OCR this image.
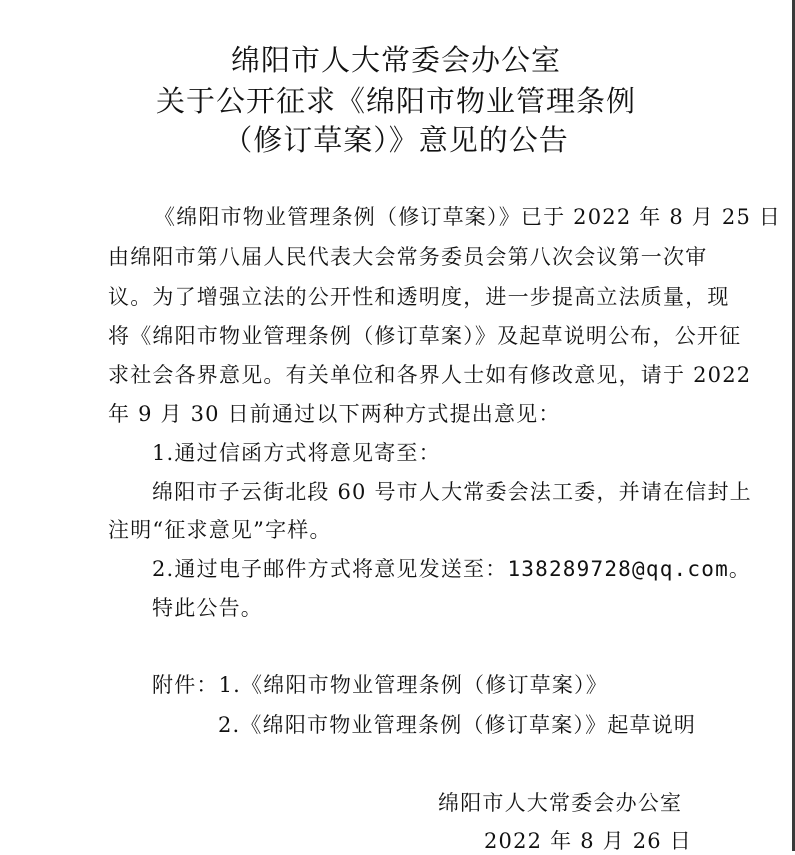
绵阳市人大常委会办公室
关于公开征求《绵阳市物业管理条例
（修订草案）》意见的公告
《绵阳市物业管理条例（修订草案）》已于 2022 年 8 月 25 日
由绵阳市第八届人民代表大会常务委员会第八次会议第一次审
议。为了增强立法的公开性和透明度，进一步提高立法质量，现
将《绵阳市物业管理条例（修订草案）》及起草说明公布，公开征
求社会各界意见。有关单位和各界人士如有修改意见，请于 2022
年 9 月 30 日前通过以下两种方式提出意见：
1.通过信函方式将意见寄至：
绵阳市子云街北段 60 号市人大常委会法工委，并请在信封上
注明“征求意见”字样。
2.通过电子邮件方式将意见发送至：138289728@qq.com。
特此公告。
附件：1.《绵阳市物业管理条例（修订草案）》
2.《绵阳市物业管理条例（修订草案）》起草说明
绵阳市人大常委会办公室
2022 年 8 月 26 日
